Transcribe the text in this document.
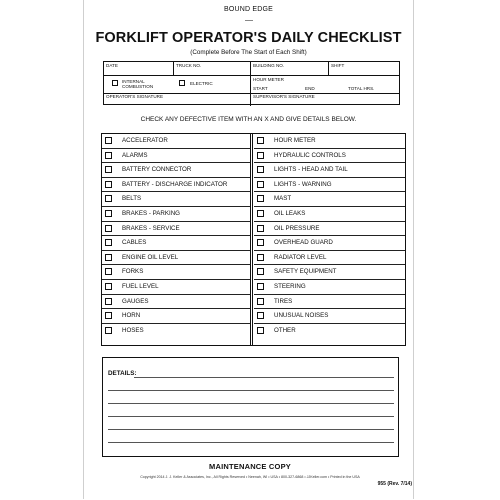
BOUND EDGE
FORKLIFT OPERATOR'S DAILY CHECKLIST
(Complete Before The Start of Each Shift)
DATE	TRUCK NO.	BUILDING NO.	SHIFT
INTERNAL
COMBUSTION
ELECTRIC
HOUR METER
START	END	TOTAL HRS.
OPERATOR'S SIGNATURE	SUPERVISOR'S SIGNATURE
CHECK ANY DEFECTIVE ITEM WITH AN X AND GIVE DETAILS BELOW.
ACCELERATOR
ALARMS
BATTERY CONNECTOR
BATTERY - DISCHARGE INDICATOR
BELTS
BRAKES - PARKING
BRAKES - SERVICE
CABLES
ENGINE OIL LEVEL
FORKS
FUEL LEVEL
GAUGES
HORN
HOSES
HOUR METER
HYDRAULIC CONTROLS
LIGHTS - HEAD AND TAIL
LIGHTS - WARNING
MAST
OIL LEAKS
OIL PRESSURE
OVERHEAD GUARD
RADIATOR LEVEL
SAFETY EQUIPMENT
STEERING
TIRES
UNUSUAL NOISES
OTHER
DETAILS:
MAINTENANCE COPY
Copyright 2014 J. J. Keller & Associates, Inc., All Rights Reserved • Neenah, WI • USA • 800-327-6868 • JJKeller.com • Printed in the USA
955 (Rev. 7/14)
